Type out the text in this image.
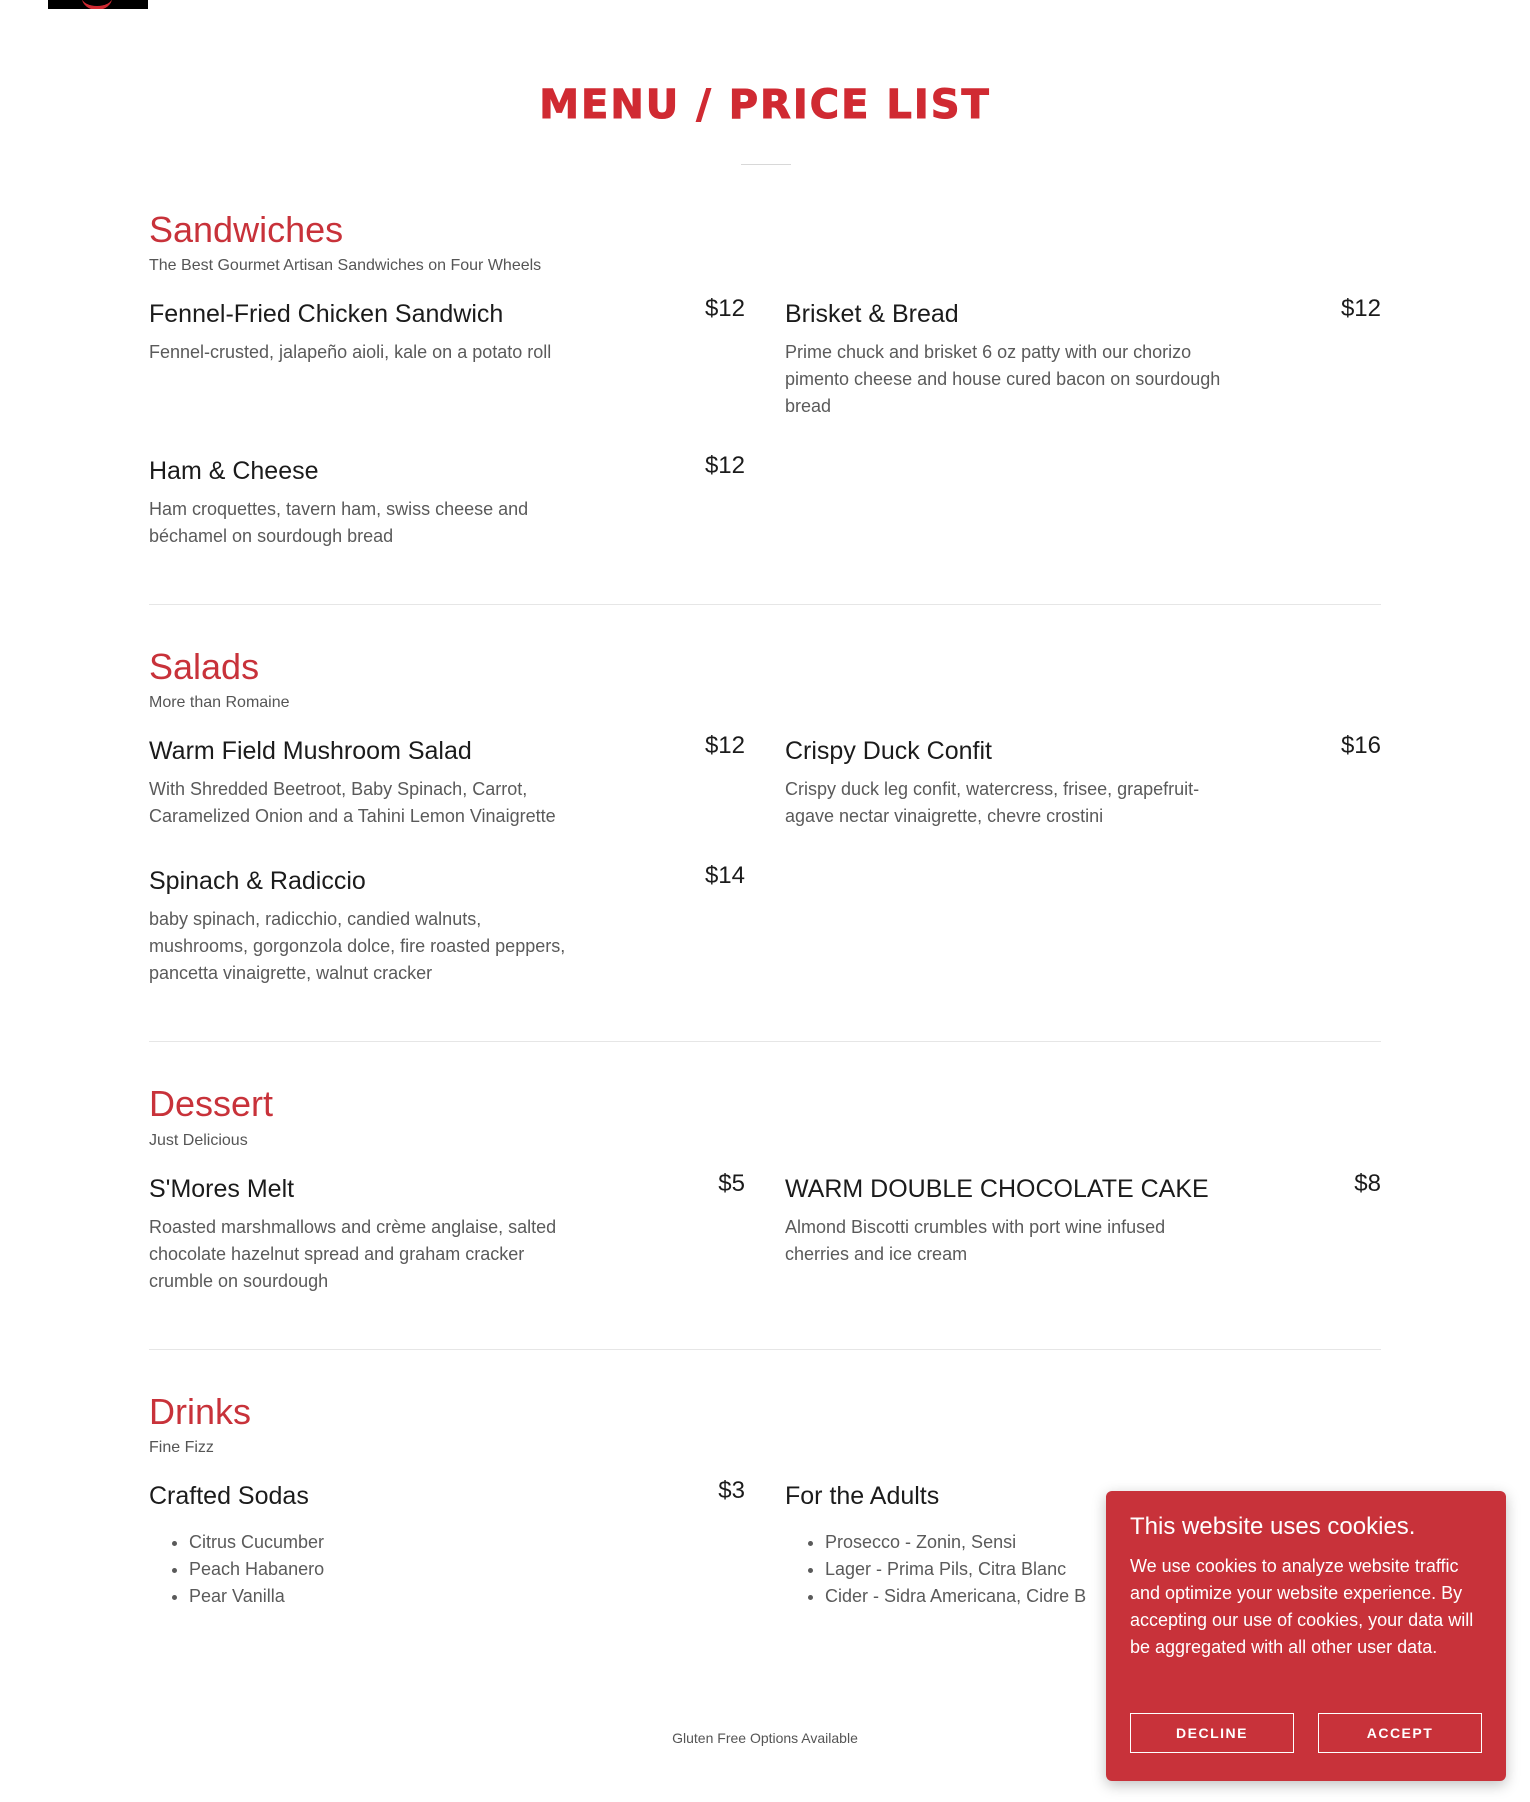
MENU / PRICE LIST
Sandwiches

The Best Gourmet Artisan Sandwiches on Four Wheels

Fennel-Fried Chicken Sandwich	$12

Fennel-crusted, jalapeño aioli, kale on a potato roll

Brisket & Bread	$12

Prime chuck and brisket 6 oz patty with our chorizo pimento cheese and house cured bacon on sourdough bread

Ham & Cheese	$12

Ham croquettes, tavern ham, swiss cheese and béchamel on sourdough bread

Salads

More than Romaine

Warm Field Mushroom Salad	$12

With Shredded Beetroot, Baby Spinach, Carrot, Caramelized Onion and a Tahini Lemon Vinaigrette

Crispy Duck Confit	$16

Crispy duck leg confit, watercress, frisee, grapefruit-agave nectar vinaigrette, chevre crostini

Spinach & Radiccio	$14

baby spinach, radicchio, candied walnuts, mushrooms, gorgonzola dolce, fire roasted peppers, pancetta vinaigrette, walnut cracker

Dessert

Just Delicious

S'Mores Melt	$5

Roasted marshmallows and crème anglaise, salted chocolate hazelnut spread and graham cracker crumble on sourdough

WARM DOUBLE CHOCOLATE CAKE	$8

Almond Biscotti crumbles with port wine infused cherries and ice cream

Drinks

Fine Fizz

Crafted Sodas	$3
• Citrus Cucumber
• Peach Habanero
• Pear Vanilla
For the Adults
• Prosecco - Zonin, Sensi
• Lager - Prima Pils, Citra Blanc
• Cider - Sidra Americana, Cidre B
Gluten Free Options Available
This website uses cookies.

We use cookies to analyze website traffic and optimize your website experience. By accepting our use of cookies, your data will be aggregated with all other user data.

DECLINE	ACCEPT
